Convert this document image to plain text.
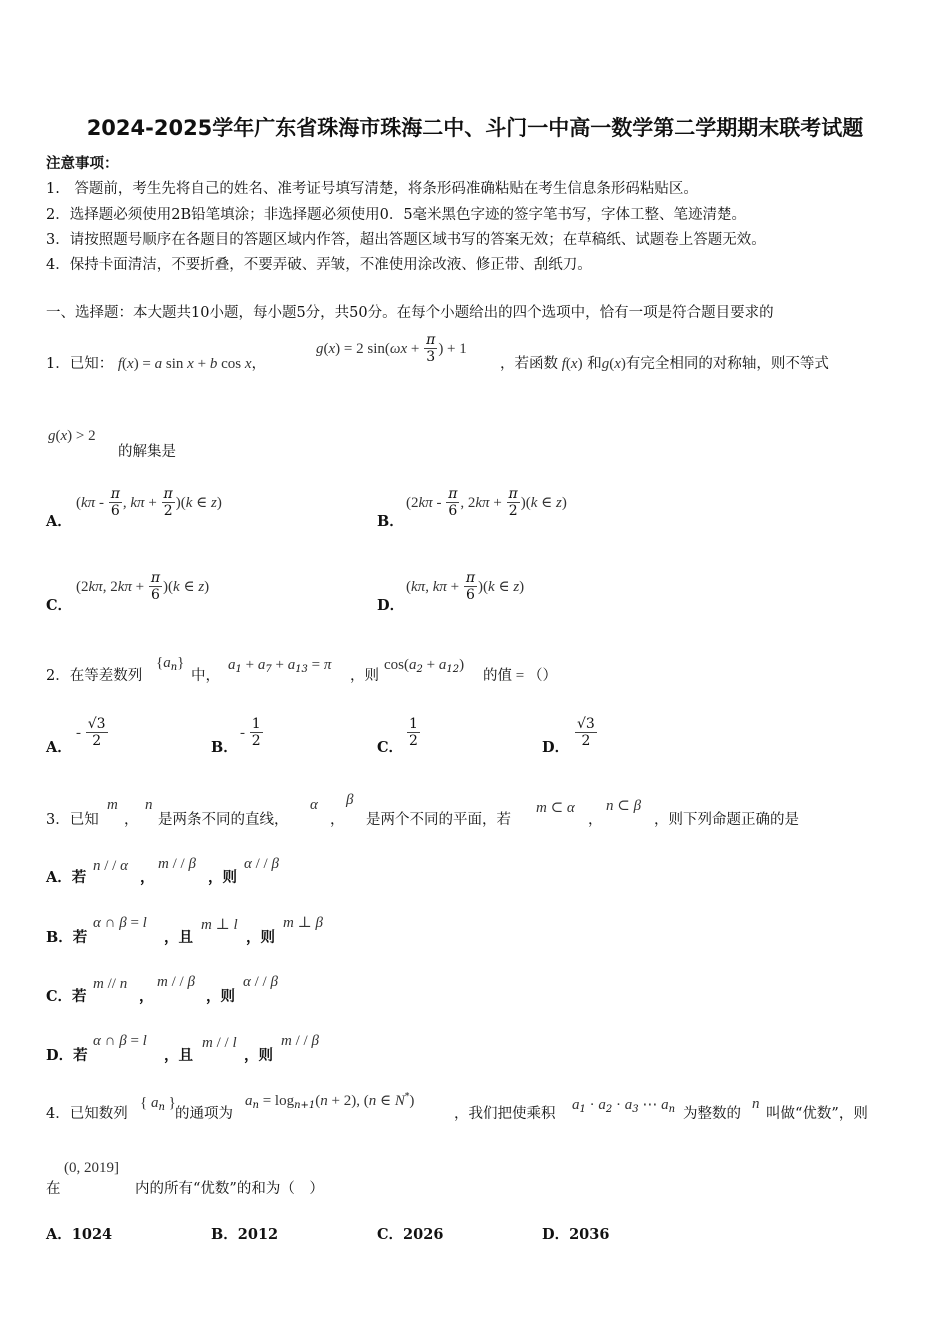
2024-2025学年广东省珠海市珠海二中、斗门一中高一数学第二学期期末联考试题
注意事项：
1.　答题前，考生先将自己的姓名、准考证号填写清楚，将条形码准确粘贴在考生信息条形码粘贴区。
2．选择题必须使用2B铅笔填涂；非选择题必须使用0．5毫米黑色字迹的签字笔书写，字体工整、笔迹清楚。
3．请按照题号顺序在各题目的答题区域内作答，超出答题区域书写的答案无效；在草稿纸、试题卷上答题无效。
4．保持卡面清洁，不要折叠，不要弄破、弄皱，不准使用涂改液、修正带、刮纸刀。
一、选择题：本大题共10小题，每小题5分，共50分。在每个小题给出的四个选项中，恰有一项是符合题目要求的
1．已知： f(x) = a sin x + b cos x，
g(x) = 2 $\sin(\omega x + \frac{\pi}{3}$ ) + 1
，若函数 f(x) 和g(x)有完全相同的对称轴，则不等式
g(x) > 2
的解集是
A．
($k\pi - \frac{\pi}{6}$ , $k\pi + \frac{\pi}{2} )(k$ ∈ z)
B．
($2k\pi - \frac{\pi}{6}$ , $2k\pi + \frac{\pi}{2} )(k$ ∈ z)
C．
(2kπ, $2k\pi + \frac{\pi}{6} )(k$ ∈ z)
D．
(kπ, $k\pi + \frac{\pi}{6} )(k$ ∈ z)
2．在等差数列
$\{a_n\}$
中，
$a_1 + a_7 + a_{13} = \pi$
，则
$\cos(a_2 + a_{12})$
的值 = （）
A．
- $\frac{√3}{2}$	B．
- $\frac{1}{2}$	C． $\frac{1}{2}$	D． $\frac{√3}{2}$
3．已知
m
，
n
是两条不同的直线，
α
，
β
是两个不同的平面，若
m ⊂ α
，
n ⊂ β
，则下列命题正确的是
A．若
n / / α
，
m / / β
，则
α / / β
B．若
α ∩ β = l
，且
m ⊥ l
，则
m ⊥ β
C．若
m // n
，
m / / β
，则
α / / β
D．若
α ∩ β = l
，且
m / / l
，则
m / / β
4．已知数列
{ $a_n$ }
的通项为
$a_n = \log_{n+1}(n + 2)$, (n ∈ N*)
，我们把使乘积
$a_1 \cdot a_2 \cdot a_3$ ⋯ $a_n$ 为整数的
n
叫做“优数”，则
在
(0, 2019]
内的所有“优数”的和为（　）
A．1024	B．2012	C．2026	D．2036
